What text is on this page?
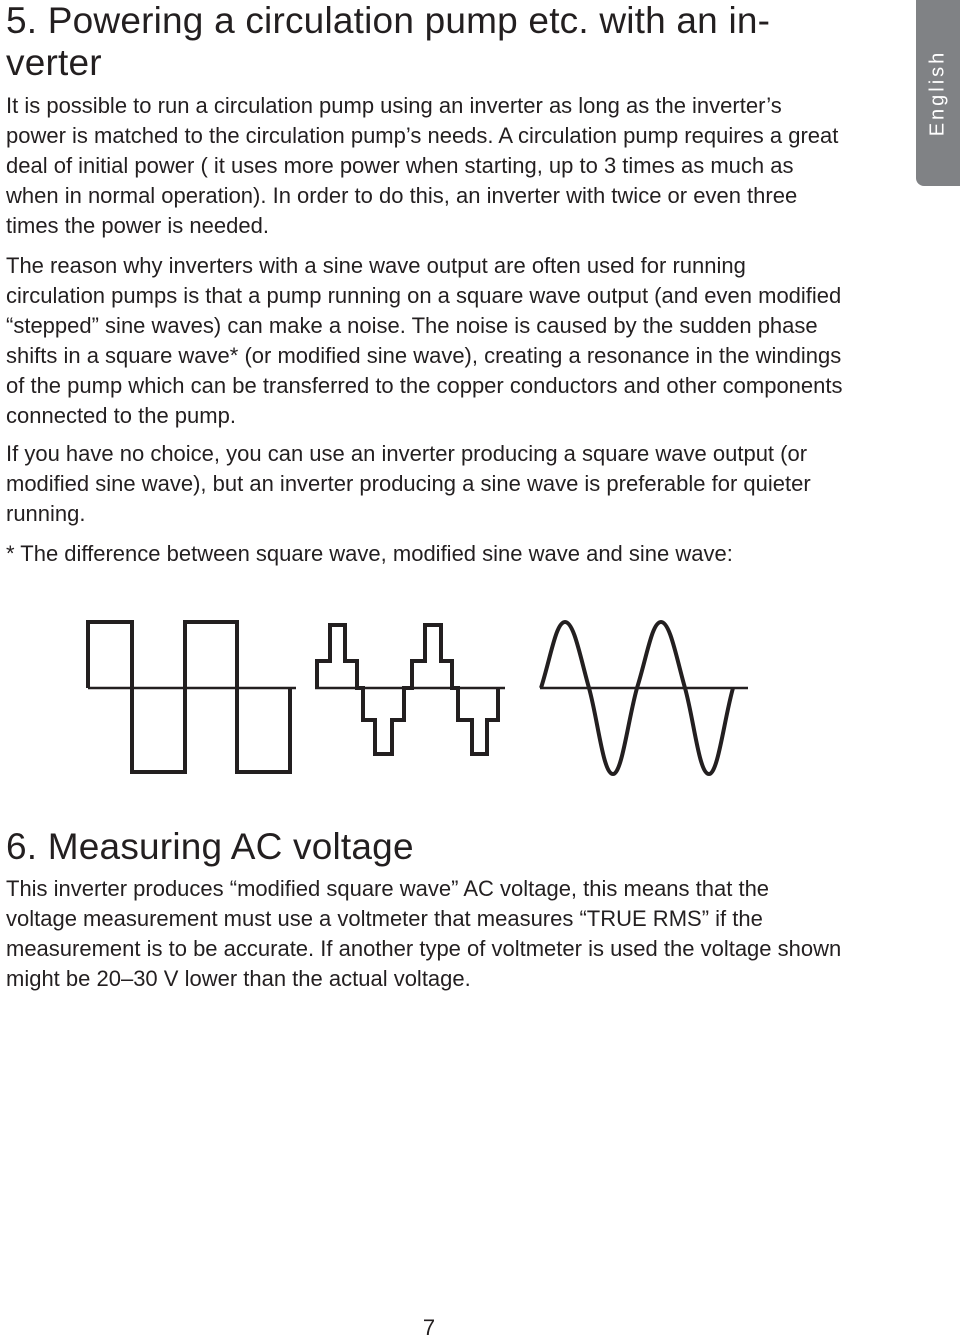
English
5. Powering a circulation pump etc. with an inverter

It is possible to run a circulation pump using an inverter as long as the inverter’s power is matched to the circulation pump’s needs. A circulation pump requires a great deal of initial power ( it uses more power when starting, up to 3 times as much as when in normal operation). In order to do this, an inverter with twice or even three times the power is needed.

The reason why inverters with a sine wave output are often used for running circulation pumps is that a pump running on a square wave output (and even modified “stepped” sine waves) can make a noise. The noise is caused by the sudden phase shifts in a square wave* (or modified sine wave), creating a resonance in the windings of the pump which can be transferred to the copper conductors and other components connected to the pump.

If you have no choice, you can use an inverter producing a square wave output (or modified sine wave), but an inverter producing a sine wave is preferable for quieter running.

* The difference between square wave, modified sine wave and sine wave:

6. Measuring AC voltage

This inverter produces “modified square wave” AC voltage, this means that the voltage measurement must use a voltmeter that measures “TRUE RMS” if the measurement is to be accurate. If another type of voltmeter is used the voltage shown might be 20–30 V lower than the actual voltage.

7
